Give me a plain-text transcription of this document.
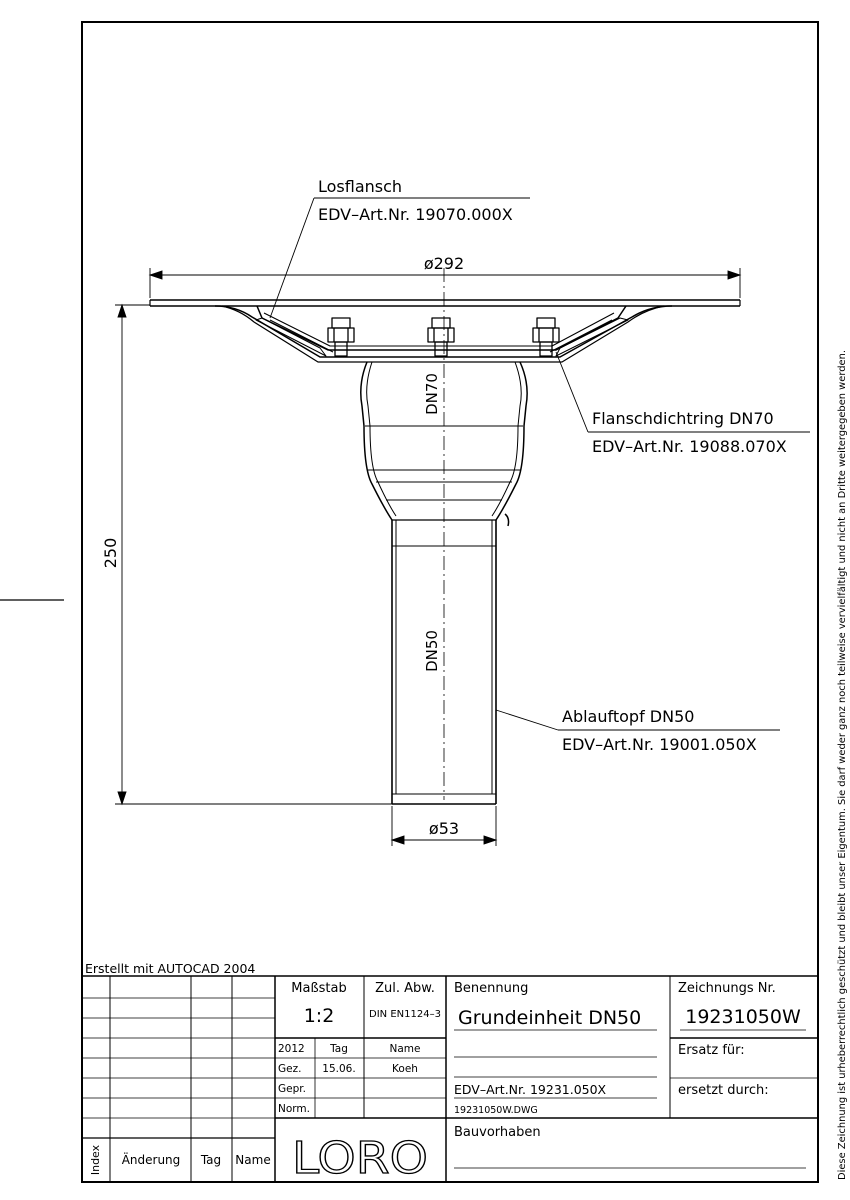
Losflansch
EDV–Art.Nr. 19070.000X
Flanschdichtring DN70
EDV–Art.Nr. 19088.070X
Ablauftopf DN50
EDV–Art.Nr. 19001.050X
ø292
250
ø53
DN70
DN50	Diese Zeichnung ist urheberrechtlich geschützt und bleibt unser Eigentum. Sie darf weder ganz noch teilweise vervielfältigt und nicht an Dritte weitergegeben werden.
Erstellt mit AUTOCAD 2004
Index Änderung Tag Name
Maßstab
1:2
Zul. Abw.
DIN EN1124–3
2012 Tag	Name
Gez. 15.06.	Koeh
Gepr.
Norm.
Benennung
Grundeinheit DN50
EDV–Art.Nr. 19231.050X
19231050W.DWG
Zeichnungs Nr.
19231050W
Ersatz für:
ersetzt durch:
Bauvorhaben
LORO
